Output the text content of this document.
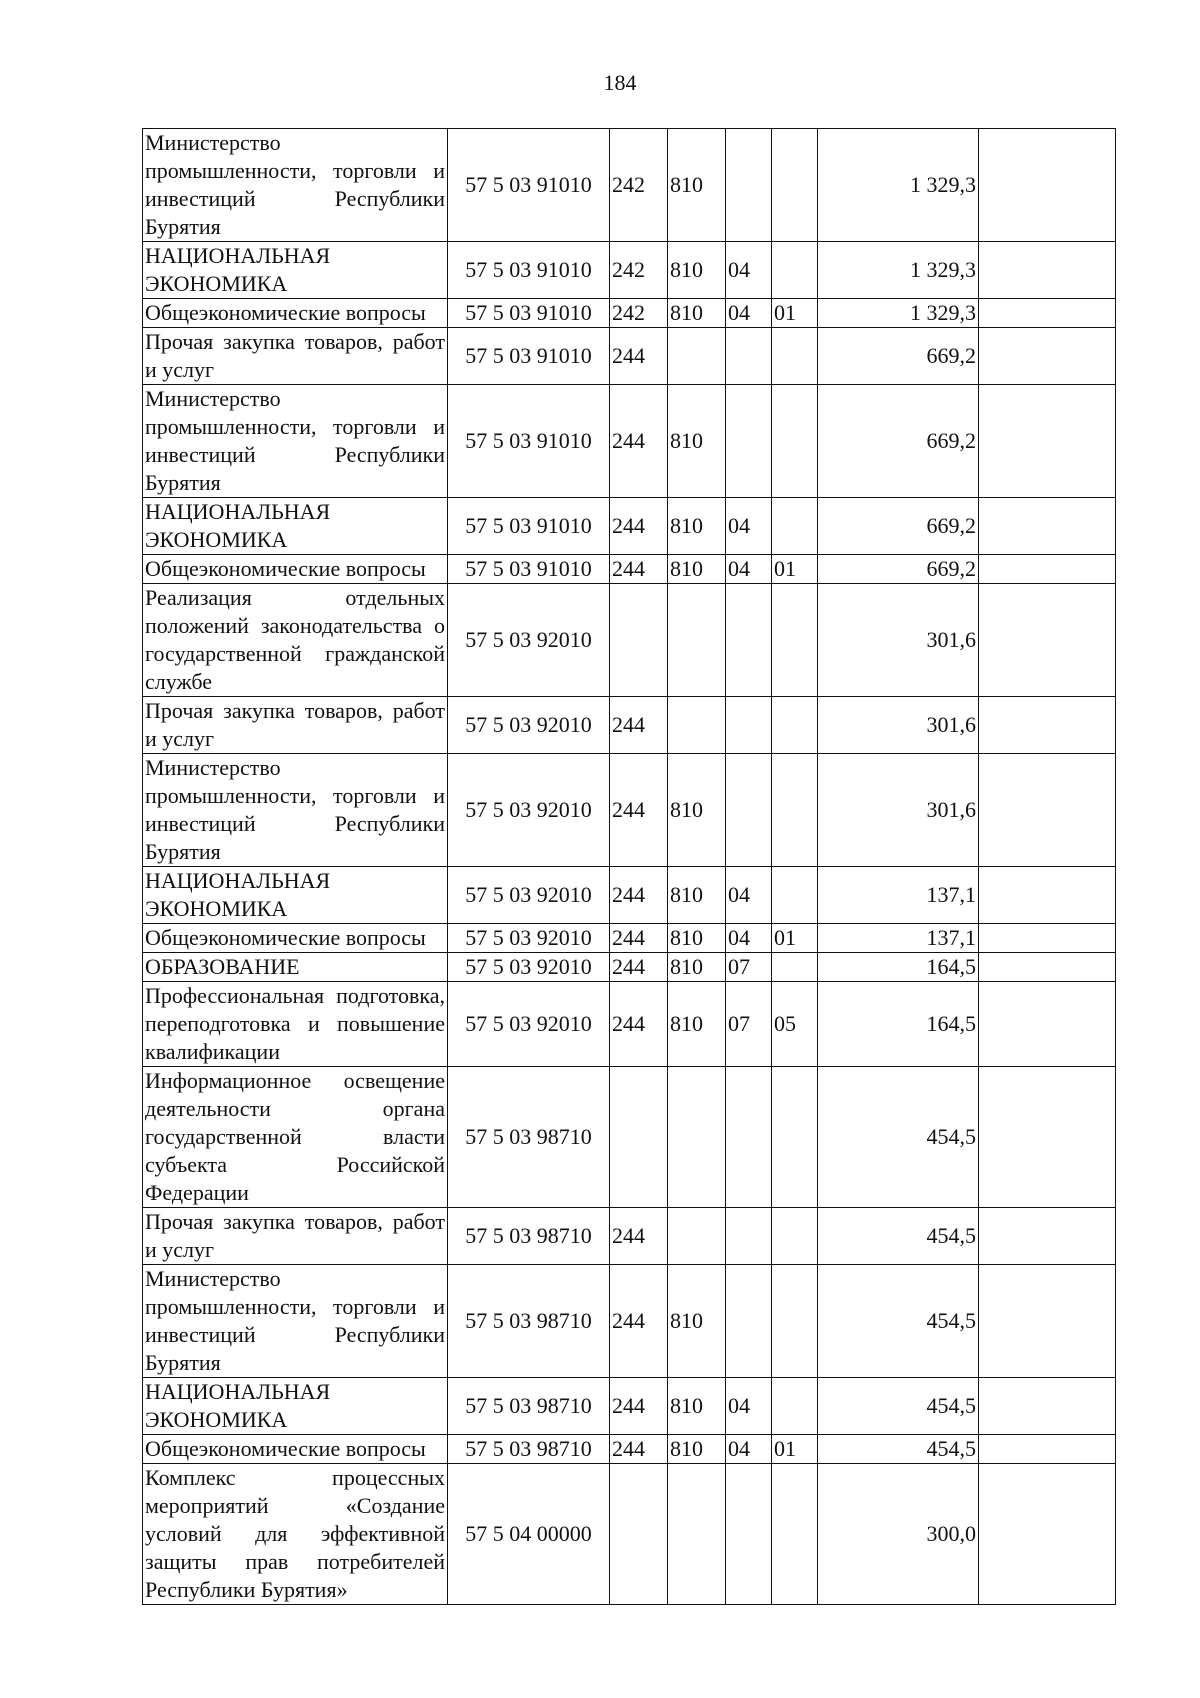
184
Министерство промышленности, торговли и инвестиций Республики Бурятия	57 5 03 91010	242	810			1 329,3	
НАЦИОНАЛЬНАЯ ЭКОНОМИКА	57 5 03 91010	242	810	04		1 329,3	
Общеэкономические вопросы	57 5 03 91010	242	810	04	01	1 329,3	
Прочая закупка товаров, работ и услуг	57 5 03 91010	244				669,2	
Министерство промышленности, торговли и инвестиций Республики Бурятия	57 5 03 91010	244	810			669,2	
НАЦИОНАЛЬНАЯ ЭКОНОМИКА	57 5 03 91010	244	810	04		669,2	
Общеэкономические вопросы	57 5 03 91010	244	810	04	01	669,2	
Реализация отдельных положений законодательства о государственной гражданской службе	57 5 03 92010					301,6	
Прочая закупка товаров, работ и услуг	57 5 03 92010	244				301,6	
Министерство промышленности, торговли и инвестиций Республики Бурятия	57 5 03 92010	244	810			301,6	
НАЦИОНАЛЬНАЯ ЭКОНОМИКА	57 5 03 92010	244	810	04		137,1	
Общеэкономические вопросы	57 5 03 92010	244	810	04	01	137,1	
ОБРАЗОВАНИЕ	57 5 03 92010	244	810	07		164,5	
Профессиональная подготовка, переподготовка и повышение квалификации	57 5 03 92010	244	810	07	05	164,5	
Информационное освещение деятельности органа государственной власти субъекта Российской Федерации	57 5 03 98710					454,5	
Прочая закупка товаров, работ и услуг	57 5 03 98710	244				454,5	
Министерство промышленности, торговли и инвестиций Республики Бурятия	57 5 03 98710	244	810			454,5	
НАЦИОНАЛЬНАЯ ЭКОНОМИКА	57 5 03 98710	244	810	04		454,5	
Общеэкономические вопросы	57 5 03 98710	244	810	04	01	454,5	
Комплекс процессных мероприятий «Создание условий для эффективной защиты прав потребителей Республики Бурятия»	57 5 04 00000					300,0	
